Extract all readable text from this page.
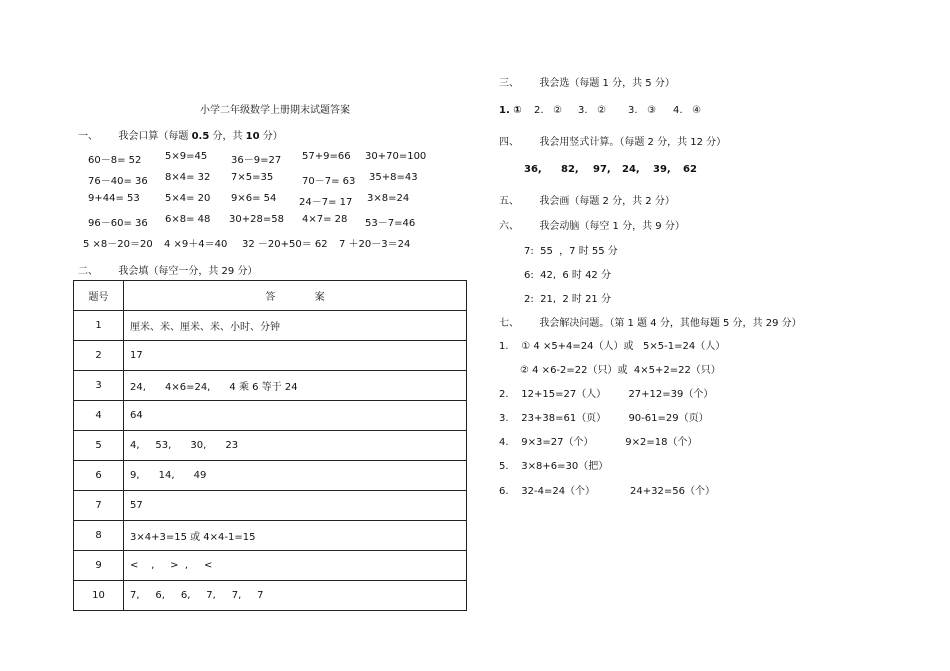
小学二年级数学上册期末试题答案
一、 我会口算（每题 0.5 分，共 10 分）
60－8= 52 5×9=45 36－9=27 57+9=66 30+70=100
76－40= 36 8×4= 32 7×5=35	70－7= 63 35+8=43
9+44= 53	5×4= 20 9×6= 54 24－7= 17 3×8=24
96－60= 36 6×8= 48 30+28=58 4×7= 28 53－7=46
5 ×8－20＝20 4 ×9＋4＝40 32 －20+50＝ 62 7 ＋20－3＝24
二、 我会填（每空一分，共 29 分）
题号	答 案
1	厘米、米、厘米、米、小时、分钟
2	17
3	24,      4×6=24,      4 乘 6 等于 24
4	64
5	4,     53,      30,      23
6	9,      14,      49
7	57
8	3×4+3=15 或 4×4-1=15
9	<    ,     >  ,     <
10	7,     6,     6,     7,     7,     7
三、 我会选（每题 1 分，共 5 分）
1. ① 2.   ② 3.   ② 3.   ③ 4.   ④
四、 我会用竖式计算。（每题 2 分，共 12 分）
36, 82, 97, 24, 39, 62
五、 我会画（每题 2 分，共 2 分）
六、 我会动脑（每空 1 分，共 9 分）
7:  55  ，7 时 55 分
6:  42,  6 时 42 分
2:  21,  2 时 21 分
七、 我会解决问题。（第 1 题 4 分，其他每题 5 分，共 29 分）
1.    ① 4 ×5+4=24（人）或   5×5-1=24（人）
② 4 ×6-2=22（只）或  4×5+2=22（只）
2.    12+15=27（人）       27+12=39（个）
3.    23+38=61（页）       90-61=29（页）
4.    9×3=27（个）          9×2=18（个）
5.    3×8+6=30（把）
6.    32-4=24（个）           24+32=56（个）
